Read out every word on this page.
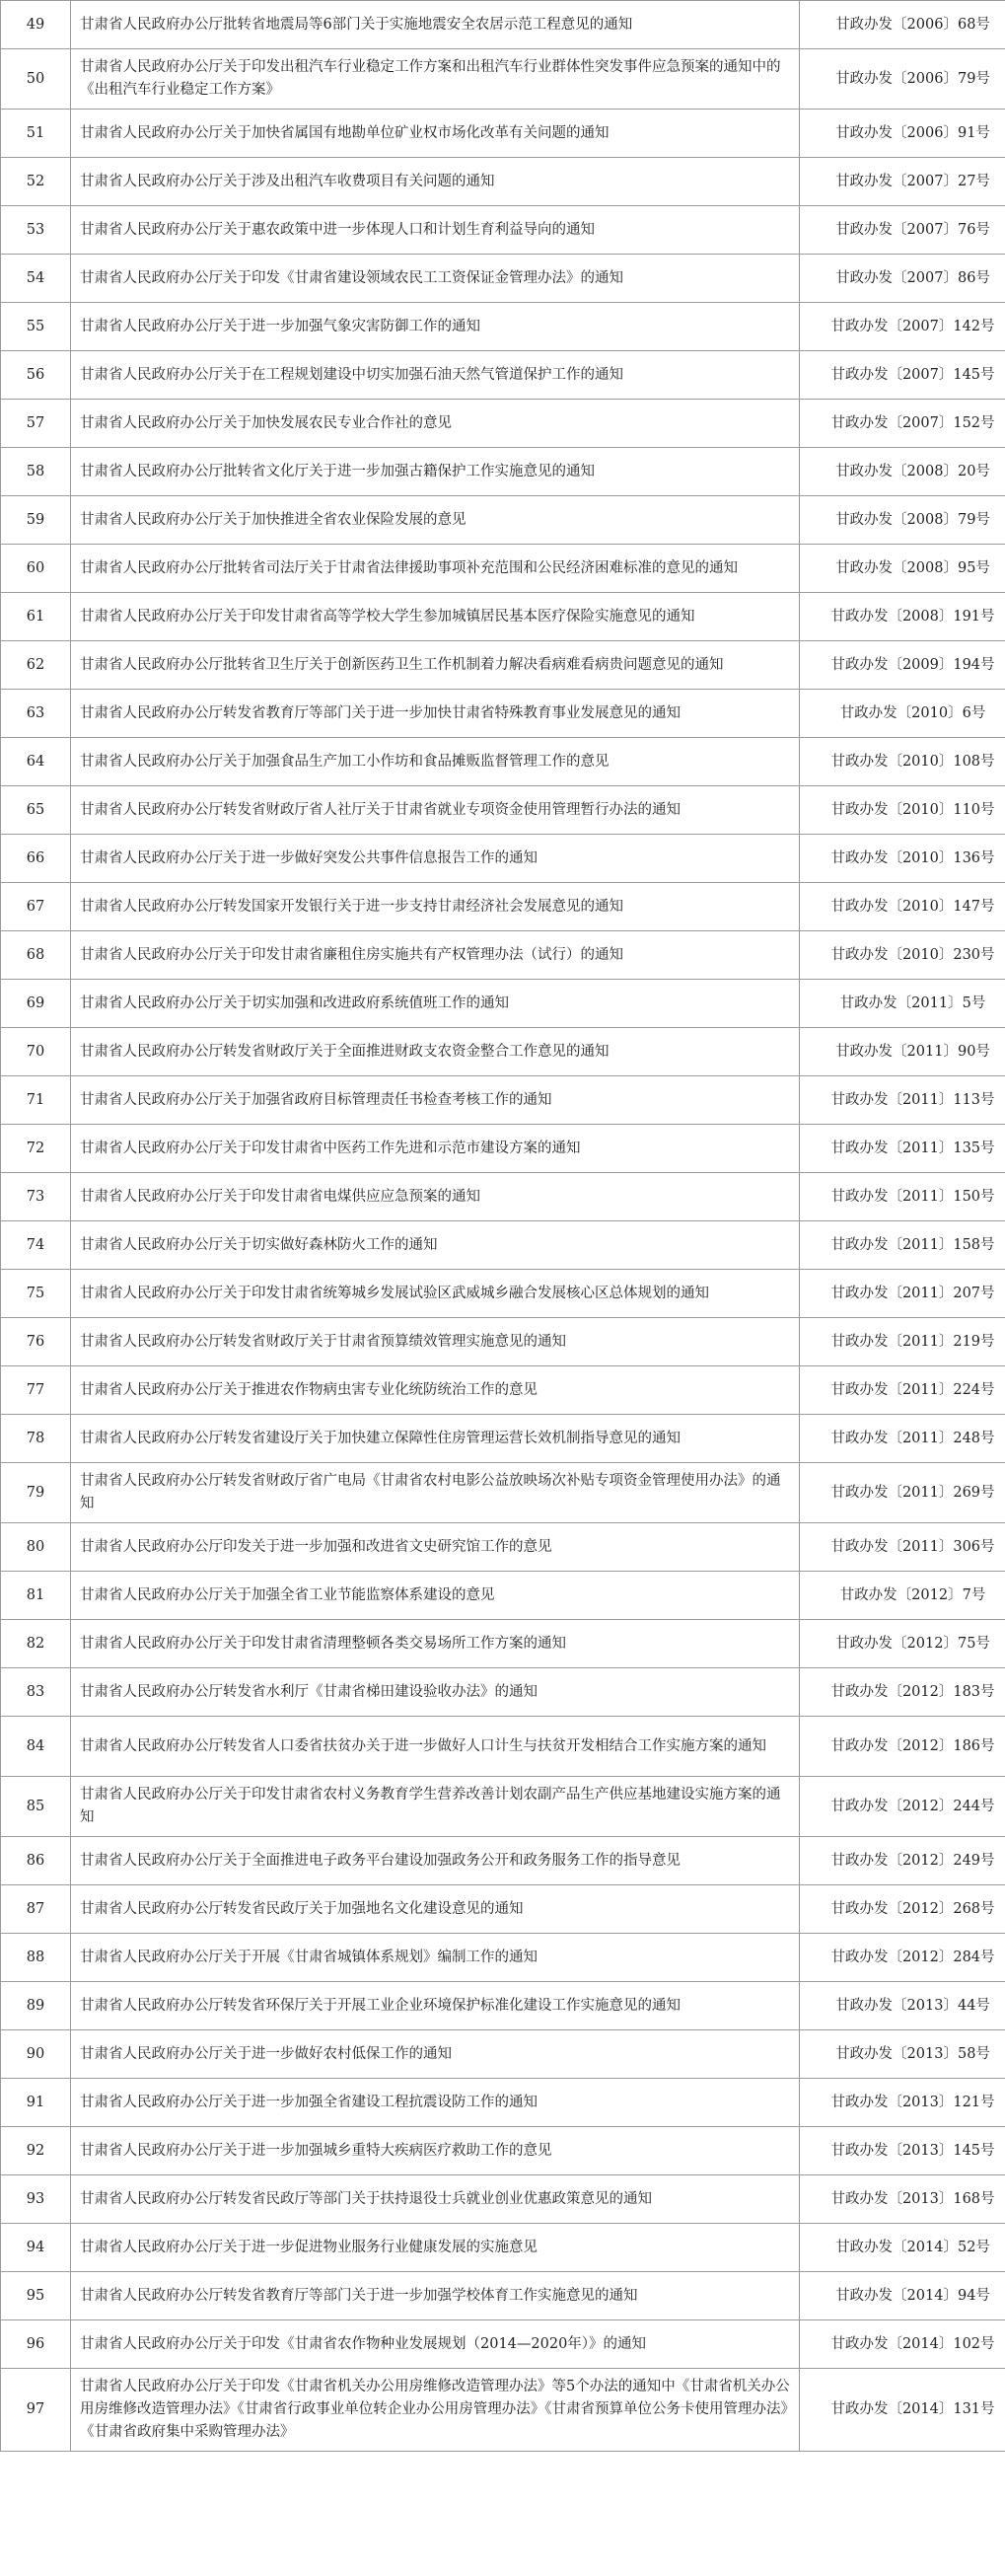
49	甘肃省人民政府办公厅批转省地震局等6部门关于实施地震安全农居示范工程意见的通知	甘政办发〔2006〕68号
50	甘肃省人民政府办公厅关于印发出租汽车行业稳定工作方案和出租汽车行业群体性突发事件应急预案的通知中的《出租汽车行业稳定工作方案》	甘政办发〔2006〕79号
51	甘肃省人民政府办公厅关于加快省属国有地勘单位矿业权市场化改革有关问题的通知	甘政办发〔2006〕91号
52	甘肃省人民政府办公厅关于涉及出租汽车收费项目有关问题的通知	甘政办发〔2007〕27号
53	甘肃省人民政府办公厅关于惠农政策中进一步体现人口和计划生育利益导向的通知	甘政办发〔2007〕76号
54	甘肃省人民政府办公厅关于印发《甘肃省建设领域农民工工资保证金管理办法》的通知	甘政办发〔2007〕86号
55	甘肃省人民政府办公厅关于进一步加强气象灾害防御工作的通知	甘政办发〔2007〕142号
56	甘肃省人民政府办公厅关于在工程规划建设中切实加强石油天然气管道保护工作的通知	甘政办发〔2007〕145号
57	甘肃省人民政府办公厅关于加快发展农民专业合作社的意见	甘政办发〔2007〕152号
58	甘肃省人民政府办公厅批转省文化厅关于进一步加强古籍保护工作实施意见的通知	甘政办发〔2008〕20号
59	甘肃省人民政府办公厅关于加快推进全省农业保险发展的意见	甘政办发〔2008〕79号
60	甘肃省人民政府办公厅批转省司法厅关于甘肃省法律援助事项补充范围和公民经济困难标准的意见的通知	甘政办发〔2008〕95号
61	甘肃省人民政府办公厅关于印发甘肃省高等学校大学生参加城镇居民基本医疗保险实施意见的通知	甘政办发〔2008〕191号
62	甘肃省人民政府办公厅批转省卫生厅关于创新医药卫生工作机制着力解决看病难看病贵问题意见的通知	甘政办发〔2009〕194号
63	甘肃省人民政府办公厅转发省教育厅等部门关于进一步加快甘肃省特殊教育事业发展意见的通知	甘政办发〔2010〕6号
64	甘肃省人民政府办公厅关于加强食品生产加工小作坊和食品摊贩监督管理工作的意见	甘政办发〔2010〕108号
65	甘肃省人民政府办公厅转发省财政厅省人社厅关于甘肃省就业专项资金使用管理暂行办法的通知	甘政办发〔2010〕110号
66	甘肃省人民政府办公厅关于进一步做好突发公共事件信息报告工作的通知	甘政办发〔2010〕136号
67	甘肃省人民政府办公厅转发国家开发银行关于进一步支持甘肃经济社会发展意见的通知	甘政办发〔2010〕147号
68	甘肃省人民政府办公厅关于印发甘肃省廉租住房实施共有产权管理办法（试行）的通知	甘政办发〔2010〕230号
69	甘肃省人民政府办公厅关于切实加强和改进政府系统值班工作的通知	甘政办发〔2011〕5号
70	甘肃省人民政府办公厅转发省财政厅关于全面推进财政支农资金整合工作意见的通知	甘政办发〔2011〕90号
71	甘肃省人民政府办公厅关于加强省政府目标管理责任书检查考核工作的通知	甘政办发〔2011〕113号
72	甘肃省人民政府办公厅关于印发甘肃省中医药工作先进和示范市建设方案的通知	甘政办发〔2011〕135号
73	甘肃省人民政府办公厅关于印发甘肃省电煤供应应急预案的通知	甘政办发〔2011〕150号
74	甘肃省人民政府办公厅关于切实做好森林防火工作的通知	甘政办发〔2011〕158号
75	甘肃省人民政府办公厅关于印发甘肃省统筹城乡发展试验区武威城乡融合发展核心区总体规划的通知	甘政办发〔2011〕207号
76	甘肃省人民政府办公厅转发省财政厅关于甘肃省预算绩效管理实施意见的通知	甘政办发〔2011〕219号
77	甘肃省人民政府办公厅关于推进农作物病虫害专业化统防统治工作的意见	甘政办发〔2011〕224号
78	甘肃省人民政府办公厅转发省建设厅关于加快建立保障性住房管理运营长效机制指导意见的通知	甘政办发〔2011〕248号
79	甘肃省人民政府办公厅转发省财政厅省广电局《甘肃省农村电影公益放映场次补贴专项资金管理使用办法》的通知	甘政办发〔2011〕269号
80	甘肃省人民政府办公厅印发关于进一步加强和改进省文史研究馆工作的意见	甘政办发〔2011〕306号
81	甘肃省人民政府办公厅关于加强全省工业节能监察体系建设的意见	甘政办发〔2012〕7号
82	甘肃省人民政府办公厅关于印发甘肃省清理整顿各类交易场所工作方案的通知	甘政办发〔2012〕75号
83	甘肃省人民政府办公厅转发省水利厅《甘肃省梯田建设验收办法》的通知	甘政办发〔2012〕183号
84	甘肃省人民政府办公厅转发省人口委省扶贫办关于进一步做好人口计生与扶贫开发相结合工作实施方案的通知	甘政办发〔2012〕186号
85	甘肃省人民政府办公厅关于印发甘肃省农村义务教育学生营养改善计划农副产品生产供应基地建设实施方案的通知	甘政办发〔2012〕244号
86	甘肃省人民政府办公厅关于全面推进电子政务平台建设加强政务公开和政务服务工作的指导意见	甘政办发〔2012〕249号
87	甘肃省人民政府办公厅转发省民政厅关于加强地名文化建设意见的通知	甘政办发〔2012〕268号
88	甘肃省人民政府办公厅关于开展《甘肃省城镇体系规划》编制工作的通知	甘政办发〔2012〕284号
89	甘肃省人民政府办公厅转发省环保厅关于开展工业企业环境保护标准化建设工作实施意见的通知	甘政办发〔2013〕44号
90	甘肃省人民政府办公厅关于进一步做好农村低保工作的通知	甘政办发〔2013〕58号
91	甘肃省人民政府办公厅关于进一步加强全省建设工程抗震设防工作的通知	甘政办发〔2013〕121号
92	甘肃省人民政府办公厅关于进一步加强城乡重特大疾病医疗救助工作的意见	甘政办发〔2013〕145号
93	甘肃省人民政府办公厅转发省民政厅等部门关于扶持退役士兵就业创业优惠政策意见的通知	甘政办发〔2013〕168号
94	甘肃省人民政府办公厅关于进一步促进物业服务行业健康发展的实施意见	甘政办发〔2014〕52号
95	甘肃省人民政府办公厅转发省教育厅等部门关于进一步加强学校体育工作实施意见的通知	甘政办发〔2014〕94号
96	甘肃省人民政府办公厅关于印发《甘肃省农作物种业发展规划（2014—2020年）》的通知	甘政办发〔2014〕102号
97	甘肃省人民政府办公厅关于印发《甘肃省机关办公用房维修改造管理办法》等5个办法的通知中《甘肃省机关办公用房维修改造管理办法》《甘肃省行政事业单位转企业办公用房管理办法》《甘肃省预算单位公务卡使用管理办法》《甘肃省政府集中采购管理办法》	甘政办发〔2014〕131号
